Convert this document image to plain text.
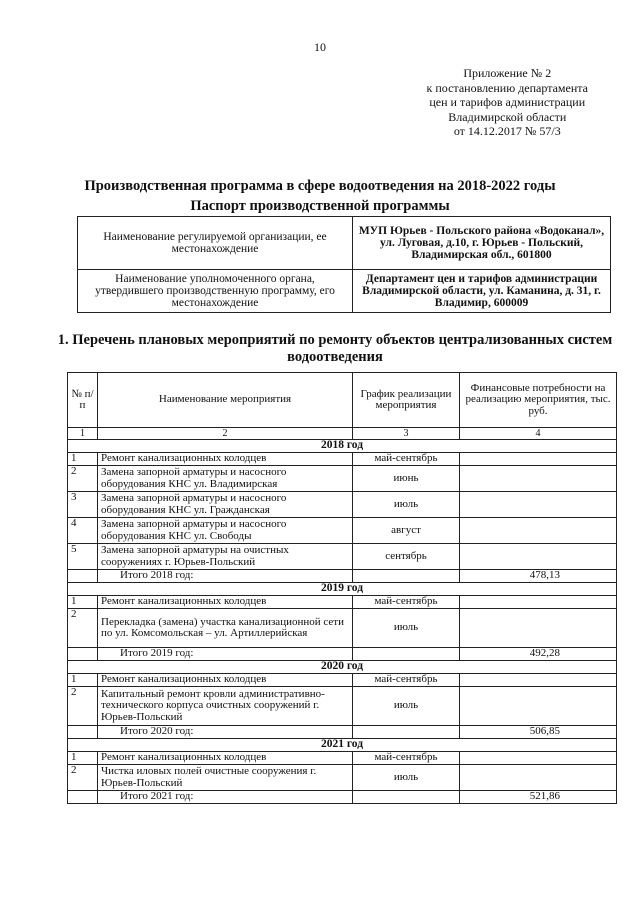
10
Приложение № 2
к постановлению департамента
цен и тарифов администрации
Владимирской области
от 14.12.2017 № 57/3
Производственная программа в сфере водоотведения на 2018-2022 годы
Паспорт производственной программы
Наименование регулируемой организации, ее местонахождение	МУП Юрьев - Польского района «Водоканал», ул. Луговая, д.10, г. Юрьев - Польский, Владимирская обл., 601800
Наименование уполномоченного органа, утвердившего производственную программу, его местонахождение	Департамент цен и тарифов администрации Владимирской области, ул. Каманина, д. 31, г. Владимир, 600009
1. Перечень плановых мероприятий по ремонту объектов централизованных систем водоотведения
№ п/п	Наименование мероприятия	График реализации мероприятия	Финансовые потребности на реализацию мероприятия, тыс. руб.
1	2	3	4
2018 год			
1	Ремонт канализационных колодцев	май-сентябрь	
2	Замена запорной арматуры и насосного оборудования КНС ул. Владимирская	июнь	
3	Замена запорной арматуры и насосного оборудования КНС ул. Гражданская	июль	
4	Замена запорной арматуры и насосного оборудования КНС ул. Свободы	август	
5	Замена запорной арматуры на очистных сооружениях г. Юрьев-Польский	сентябрь	
	Итого 2018 год:		478,13
2019 год			
1	Ремонт канализационных колодцев	май-сентябрь	
2	Перекладка (замена) участка канализационной сети по ул. Комсомольская – ул. Артиллерийская	июль	
	Итого 2019 год:		492,28
2020 год			
1	Ремонт канализационных колодцев	май-сентябрь	
2	Капитальный ремонт кровли административно-технического корпуса очистных сооружений г. Юрьев-Польский	июль	
	Итого 2020 год:		506,85
2021 год			
1	Ремонт канализационных колодцев	май-сентябрь	
2	Чистка иловых полей очистные сооружения г. Юрьев-Польский	июль	
	Итого 2021 год:		521,86
